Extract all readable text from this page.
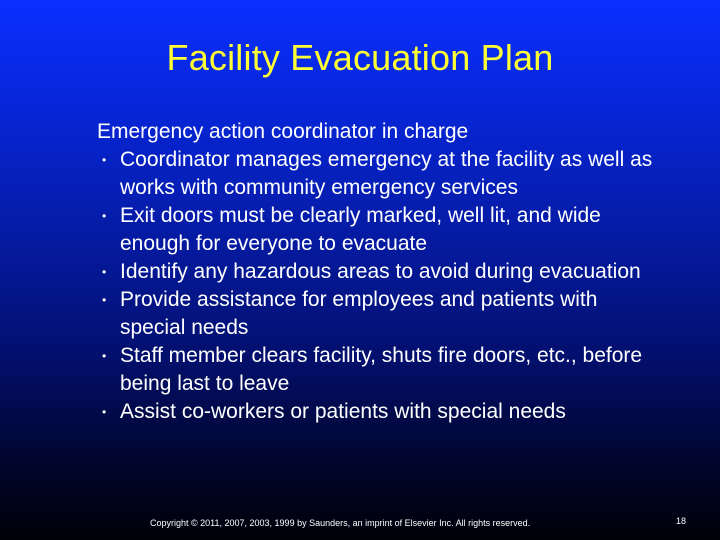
Facility Evacuation Plan
Emergency action coordinator in charge
• Coordinator manages emergency at the facility as well as works with community emergency services
• Exit doors must be clearly marked, well lit, and wide enough for everyone to evacuate
• Identify any hazardous areas to avoid during evacuation
• Provide assistance for employees and patients with special needs
• Staff member clears facility, shuts fire doors, etc., before being last to leave
• Assist co-workers or patients with special needs
Copyright © 2011, 2007, 2003, 1999 by Saunders, an imprint of Elsevier Inc. All rights reserved.	18
